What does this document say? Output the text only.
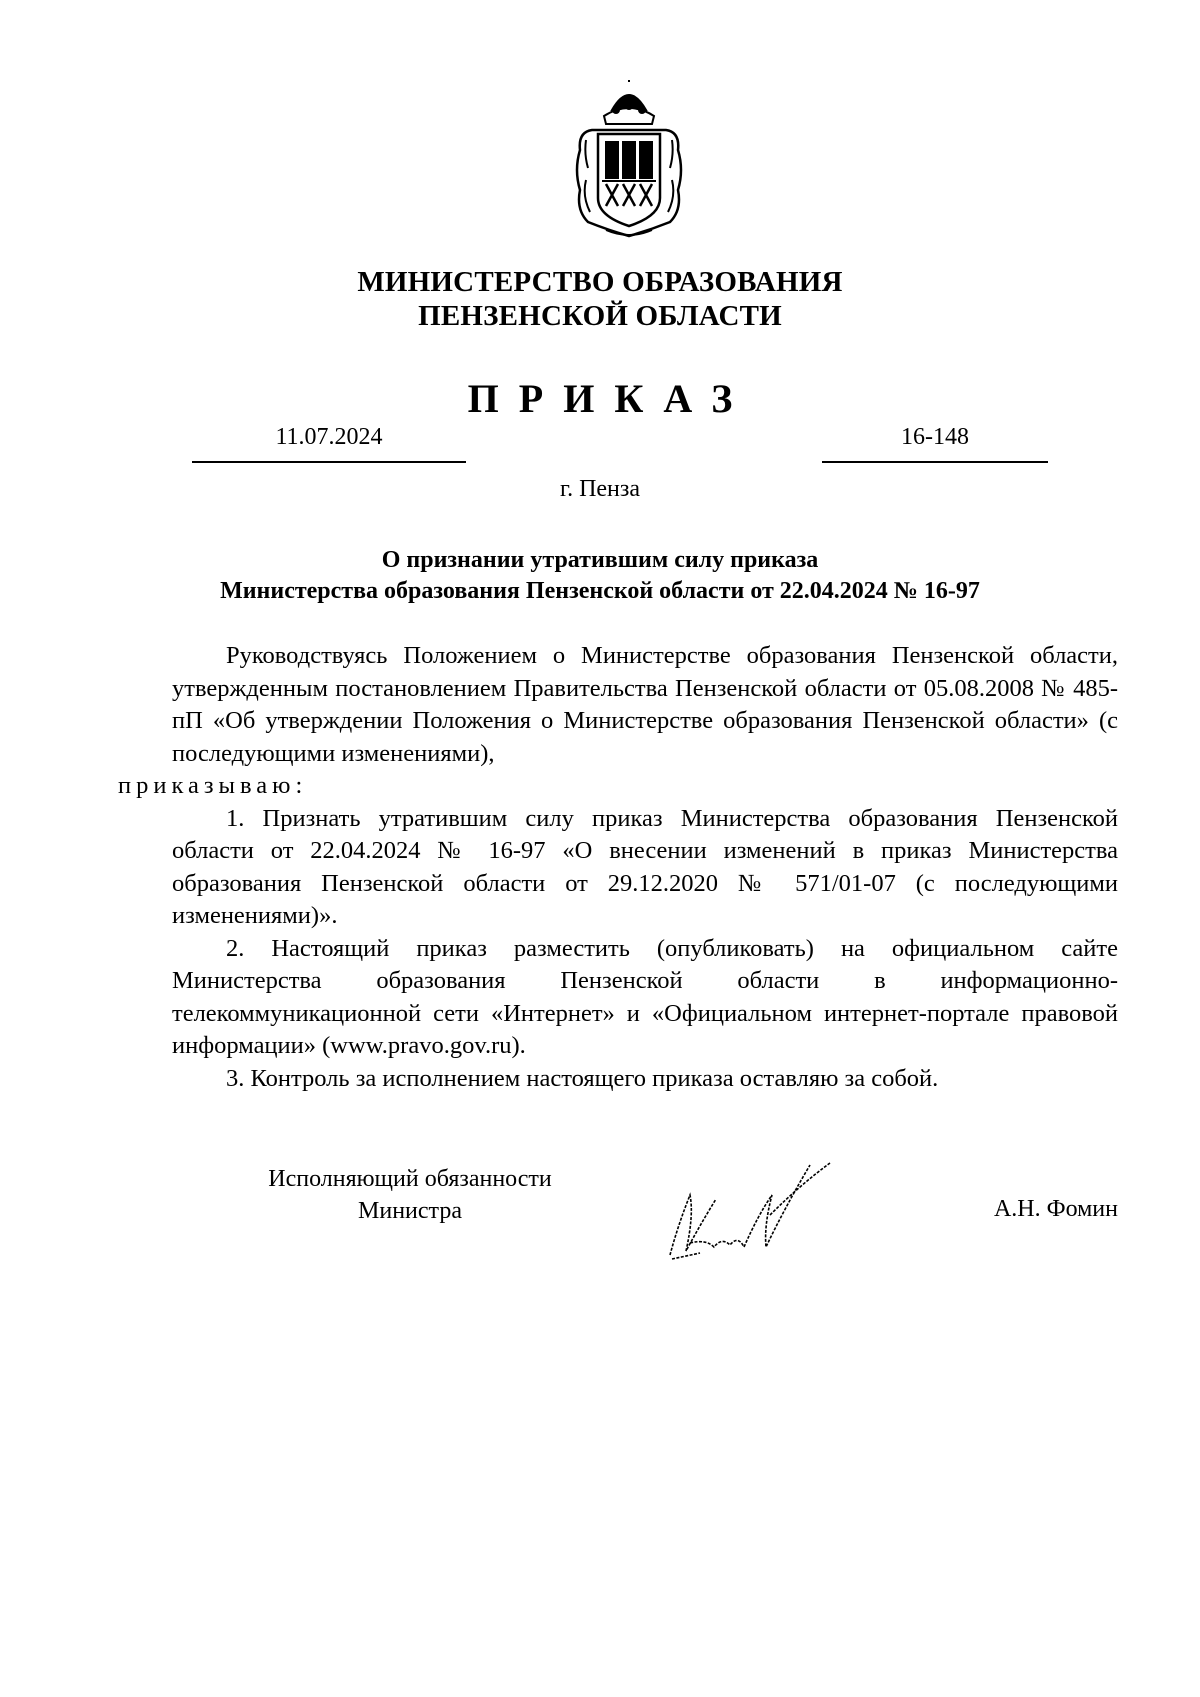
МИНИСТЕРСТВО ОБРАЗОВАНИЯ
ПЕНЗЕНСКОЙ ОБЛАСТИ
ПРИКАЗ
11.07.2024	16-148
г. Пенза
О признании утратившим силу приказа
Министерства образования Пензенской области от 22.04.2024 № 16-97

Руководствуясь Положением о Министерстве образования Пензенской области, утвержденным постановлением Правительства Пензенской области от 05.08.2008 № 485-пП «Об утверждении Положения о Министерстве образования Пензенской области» (с последующими изменениями),
приказываю:

1. Признать утратившим силу приказ Министерства образования Пензенской области от 22.04.2024 № 16-97 «О внесении изменений в приказ Министерства образования Пензенской области от 29.12.2020 № 571/01-07 (с последующими изменениями)».

2. Настоящий приказ разместить (опубликовать) на официальном сайте Министерства образования Пензенской области в информационно-телекоммуникационной сети «Интернет» и «Официальном интернет-портале правовой информации» (www.pravo.gov.ru).

3. Контроль за исполнением настоящего приказа оставляю за собой.

Исполняющий обязанности
Министра	А.Н. Фомин
